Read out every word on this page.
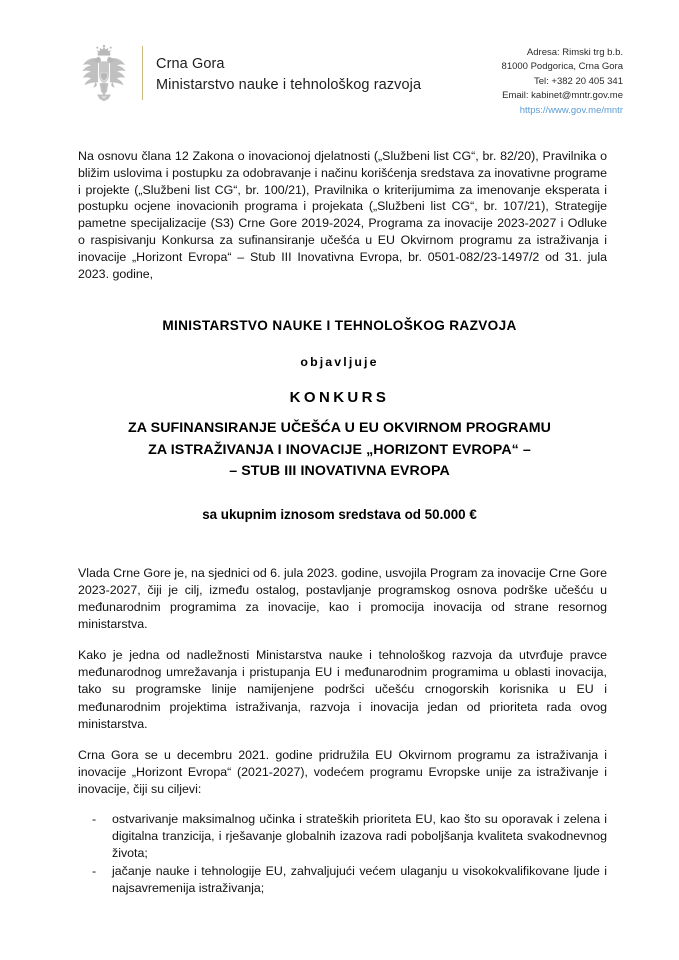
Crna Gora
Ministarstvo nauke i tehnološkog razvoja
Adresa: Rimski trg b.b.
81000 Podgorica, Crna Gora
Tel: +382 20 405 341
Email: kabinet@mntr.gov.me
https://www.gov.me/mntr
Na osnovu člana 12 Zakona o inovacionoj djelatnosti („Službeni list CG“, br. 82/20), Pravilnika o bližim uslovima i postupku za odobravanje i načinu korišćenja sredstava za inovativne programe i projekte („Službeni list CG“, br. 100/21), Pravilnika o kriterijumima za imenovanje eksperata i postupku ocjene inovacionih programa i projekata („Službeni list CG“, br. 107/21), Strategije pametne specijalizacije (S3) Crne Gore 2019-2024, Programa za inovacije 2023-2027 i Odluke o raspisivanju Konkursa za sufinansiranje učešća u EU Okvirnom programu za istraživanja i inovacije „Horizont Evropa“ – Stub III Inovativna Evropa, br. 0501-082/23-1497/2 od 31. jula 2023. godine,
MINISTARSTVO NAUKE I TEHNOLOŠKOG RAZVOJA
objavljuje
KONKURS
ZA SUFINANSIRANJE UČEŠĆA U EU OKVIRNOM PROGRAMU
ZA ISTRAŽIVANJA I INOVACIJE „HORIZONT EVROPA“ –
– STUB III INOVATIVNA EVROPA
sa ukupnim iznosom sredstava od 50.000 €

Vlada Crne Gore je, na sjednici od 6. jula 2023. godine, usvojila Program za inovacije Crne Gore 2023-2027, čiji je cilj, između ostalog, postavljanje programskog osnova podrške učešću u međunarodnim programima za inovacije, kao i promocija inovacija od strane resornog ministarstva.

Kako je jedna od nadležnosti Ministarstva nauke i tehnološkog razvoja da utvrđuje pravce međunarodnog umrežavanja i pristupanja EU i međunarodnim programima u oblasti inovacija, tako su programske linije namijenjene podršci učešću crnogorskih korisnika u EU i međunarodnim projektima istraživanja, razvoja i inovacija jedan od prioriteta rada ovog ministarstva.

Crna Gora se u decembru 2021. godine pridružila EU Okvirnom programu za istraživanja i inovacije „Horizont Evropa“ (2021-2027), vodećem programu Evropske unije za istraživanje i inovacije, čiji su ciljevi:

- ostvarivanje maksimalnog učinka i strateških prioriteta EU, kao što su oporavak i zelena i digitalna tranzicija, i rješavanje globalnih izazova radi poboljšanja kvaliteta svakodnevnog života;
- jačanje nauke i tehnologije EU, zahvaljujući većem ulaganju u visokokvalifikovane ljude i najsavremenija istraživanja;
